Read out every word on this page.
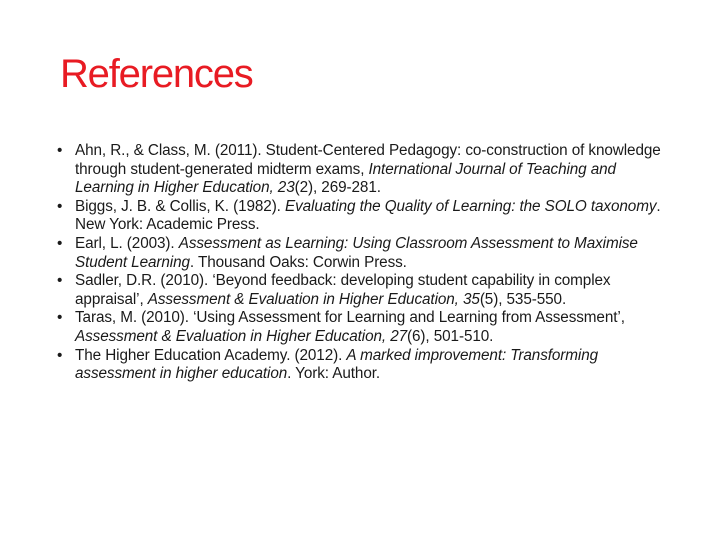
References
• Ahn, R., & Class, M. (2011). Student-Centered Pedagogy: co-construction of knowledge through student-generated midterm exams, International Journal of Teaching and Learning in Higher Education, 23(2), 269-281.
• Biggs, J. B. & Collis, K. (1982). Evaluating the Quality of Learning: the SOLO taxonomy. New York: Academic Press.
• Earl, L. (2003). Assessment as Learning: Using Classroom Assessment to Maximise Student Learning. Thousand Oaks: Corwin Press.
• Sadler, D.R. (2010). ‘Beyond feedback: developing student capability in complex appraisal’, Assessment & Evaluation in Higher Education, 35(5), 535-550.
• Taras, M. (2010). ‘Using Assessment for Learning and Learning from Assessment’, Assessment & Evaluation in Higher Education, 27(6), 501-510.
• The Higher Education Academy. (2012). A marked improvement: Transforming assessment in higher education. York: Author.
